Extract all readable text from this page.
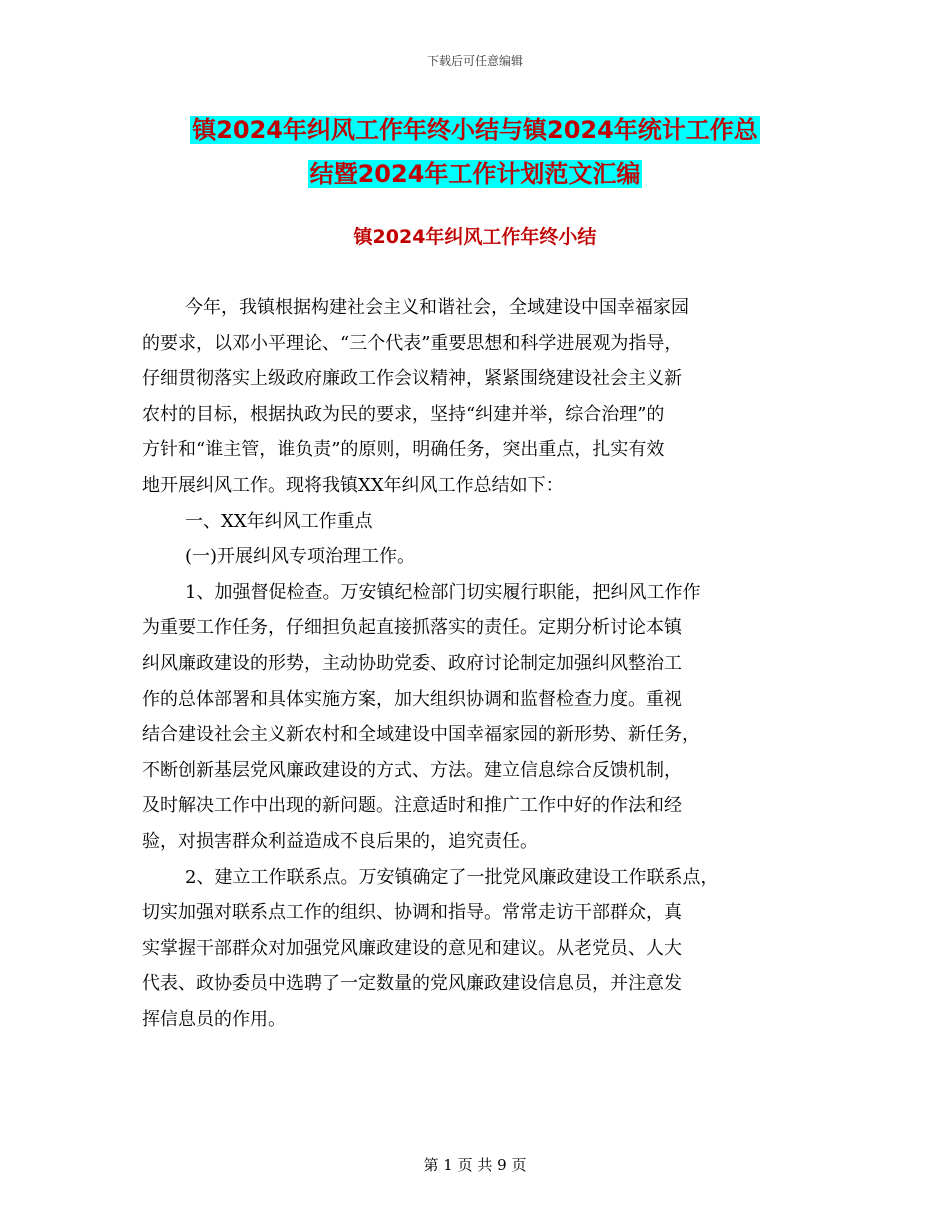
下载后可任意编辑
镇2024年纠风工作年终小结与镇2024年统计工作总
结暨2024年工作计划范文汇编
镇2024年纠风工作年终小结
今年，我镇根据构建社会主义和谐社会，全域建设中国幸福家园
的要求，以邓小平理论、“三个代表”重要思想和科学进展观为指导，
仔细贯彻落实上级政府廉政工作会议精神，紧紧围绕建设社会主义新
农村的目标，根据执政为民的要求，坚持“纠建并举，综合治理”的
方针和“谁主管，谁负责”的原则，明确任务，突出重点，扎实有效
地开展纠风工作。现将我镇XX年纠风工作总结如下：
一、XX年纠风工作重点
(一)开展纠风专项治理工作。
1、加强督促检查。万安镇纪检部门切实履行职能，把纠风工作作
为重要工作任务，仔细担负起直接抓落实的责任。定期分析讨论本镇
纠风廉政建设的形势，主动协助党委、政府讨论制定加强纠风整治工
作的总体部署和具体实施方案，加大组织协调和监督检查力度。重视
结合建设社会主义新农村和全域建设中国幸福家园的新形势、新任务，
不断创新基层党风廉政建设的方式、方法。建立信息综合反馈机制，
及时解决工作中出现的新问题。注意适时和推广工作中好的作法和经
验，对损害群众利益造成不良后果的，追究责任。
2、建立工作联系点。万安镇确定了一批党风廉政建设工作联系点，
切实加强对联系点工作的组织、协调和指导。常常走访干部群众，真
实掌握干部群众对加强党风廉政建设的意见和建议。从老党员、人大
代表、政协委员中选聘了一定数量的党风廉政建设信息员，并注意发
挥信息员的作用。
第 1 页 共 9 页
